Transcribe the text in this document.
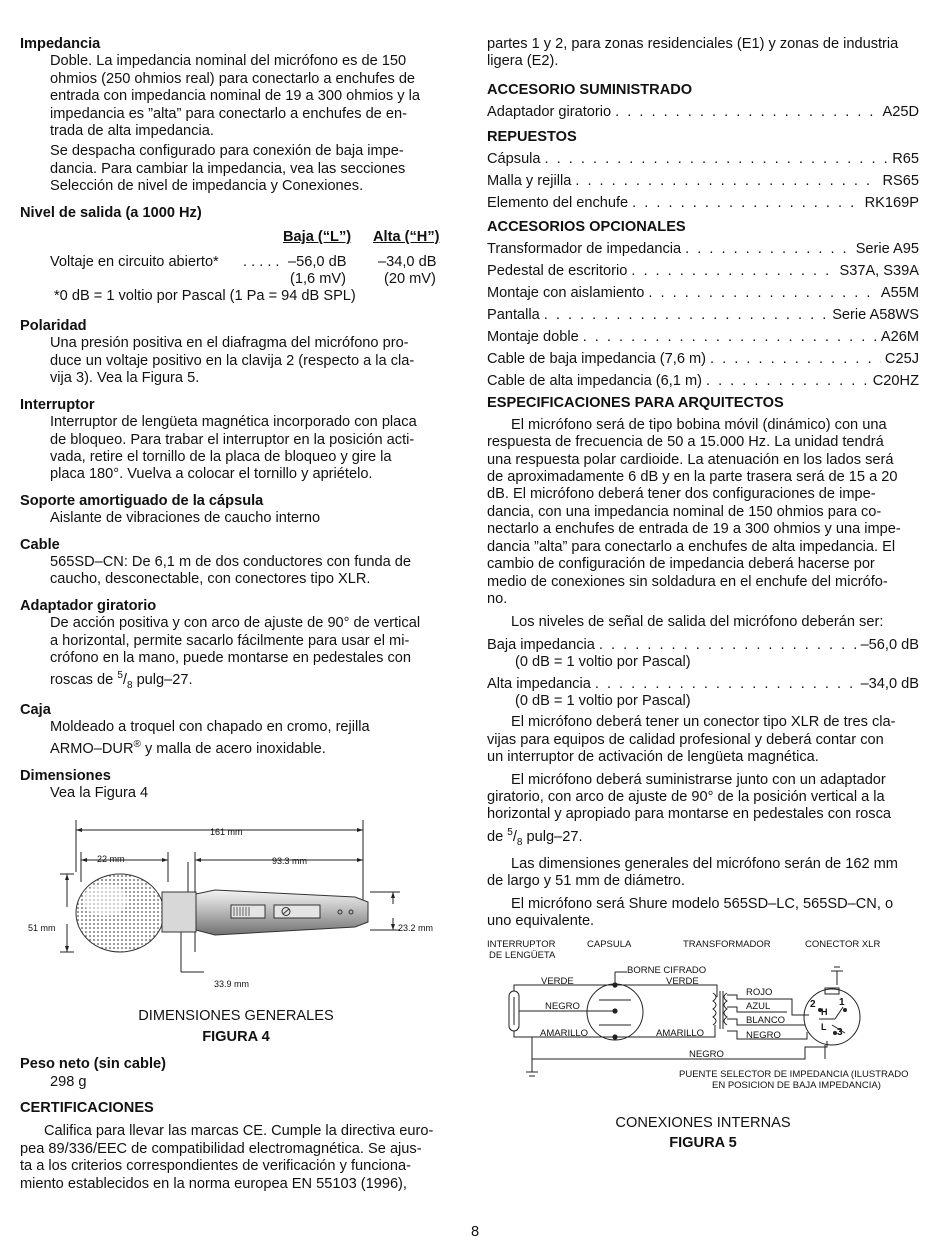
Impedancia
Doble. La impedancia nominal del micrófono es de 150
ohmios (250 ohmios real) para conectarlo a enchufes de
entrada con impedancia nominal de 19 a 300 ohmios y la
impedancia es ”alta” para conectarlo a enchufes de en-
trada de alta impedancia.
Se despacha configurado para conexión de baja impe-
dancia. Para cambiar la impedancia, vea las secciones
Selección de nivel de impedancia y Conexiones.
Nivel de salida (a 1000 Hz)
Baja (“L”) Alta (“H”)
Voltaje en circuito abierto* . . . . . –56,0 dB –34,0 dB
(1,6 mV)	(20 mV)
*0 dB = 1 voltio por Pascal (1 Pa = 94 dB SPL)
Polaridad
Una presión positiva en el diafragma del micrófono pro-
duce un voltaje positivo en la clavija 2 (respecto a la cla-
vija 3). Vea la Figura 5.
Interruptor
Interruptor de lengüeta magnética incorporado con placa
de bloqueo. Para trabar el interruptor en la posición acti-
vada, retire el tornillo de la placa de bloqueo y gire la
placa 180°. Vuelva a colocar el tornillo y apriételo.
Soporte amortiguado de la cápsula
Aislante de vibraciones de caucho interno
Cable
565SD–CN: De 6,1 m de dos conductores con funda de
caucho, desconectable, con conectores tipo XLR.
Adaptador giratorio
De acción positiva y con arco de ajuste de 90° de vertical
a horizontal, permite sacarlo fácilmente para usar el mi-
crófono en la mano, puede montarse en pedestales con
roscas de $^5/_8$ pulg–27.
Caja
Moldeado a troquel con chapado en cromo, rejilla
ARMO–DUR® y malla de acero inoxidable.
Dimensiones
Vea la Figura 4
161 mm
22 mm	93.3 mm
51 mm	23.2 mm
33.9 mm
DIMENSIONES GENERALES
FIGURA 4
Peso neto (sin cable)
298 g
CERTIFICACIONES
Califica para llevar las marcas CE. Cumple la directiva euro-
pea 89/336/EEC de compatibilidad electromagnética. Se ajus-
ta a los criterios correspondientes de verificación y funciona-
miento establecidos en la norma europea EN 55103 (1996),
partes 1 y 2, para zonas residenciales (E1) y zonas de industria
ligera (E2).
ACCESORIO SUMINISTRADO
Adaptador giratorio . . .	A25D
REPUESTOS
Cápsula . . .	R65
Malla y rejilla . . .	RS65
Elemento del enchufe . . .	RK169P
ACCESORIOS OPCIONALES
Transformador de impedancia . . .	Serie A95
Pedestal de escritorio . . .	S37A, S39A
Montaje con aislamiento . . .	A55M
Pantalla . . .	Serie A58WS
Montaje doble . . .	A26M
Cable de baja impedancia (7,6 m) . . .	C25J
Cable de alta impedancia (6,1 m) . . .	C20HZ
ESPECIFICACIONES PARA ARQUITECTOS
El micrófono será de tipo bobina móvil (dinámico) con una
respuesta de frecuencia de 50 a 15.000 Hz. La unidad tendrá
una respuesta polar cardioide. La atenuación en los lados será
de aproximadamente 6 dB y en la parte trasera será de 15 a 20
dB. El micrófono deberá tener dos configuraciones de impe-
dancia, con una impedancia nominal de 150 ohmios para co-
nectarlo a enchufes de entrada de 19 a 300 ohmios y una impe-
dancia ”alta” para conectarlo a enchufes de alta impedancia. El
cambio de configuración de impedancia deberá hacerse por
medio de conexiones sin soldadura en el enchufe del micrófo-
no.
Los niveles de señal de salida del micrófono deberán ser:
Baja impedancia . . .	–56,0 dB
(0 dB = 1 voltio por Pascal)
Alta impedancia . . .	–34,0 dB
(0 dB = 1 voltio por Pascal)
El micrófono deberá tener un conector tipo XLR de tres cla-
vijas para equipos de calidad profesional y deberá contar con
un interruptor de activación de lengüeta magnética.
El micrófono deberá suministrarse junto con un adaptador
giratorio, con arco de ajuste de 90° de la posición vertical a la
horizontal y apropiado para montarse en pedestales con rosca
de $^5/_8$ pulg–27.
Las dimensiones generales del micrófono serán de 162 mm
de largo y 51 mm de diámetro.
El micrófono será Shure modelo 565SD–LC, 565SD–CN, o
uno equivalente.
INTERRUPTOR
DE LENGÜETA
CAPSULA	TRANSFORMADOR	CONECTOR XLR
BORNE CIFRADO
VERDE	VERDE
NEGRO
AMARILLO	AMARILLO
ROJO
AZUL
BLANCO
NEGRO
NEGRO
1
2
3
H
L
PUENTE SELECTOR DE IMPEDANCIA (ILUSTRADO
EN POSICION DE BAJA IMPEDANCIA)
CONEXIONES INTERNAS
FIGURA 5
8
